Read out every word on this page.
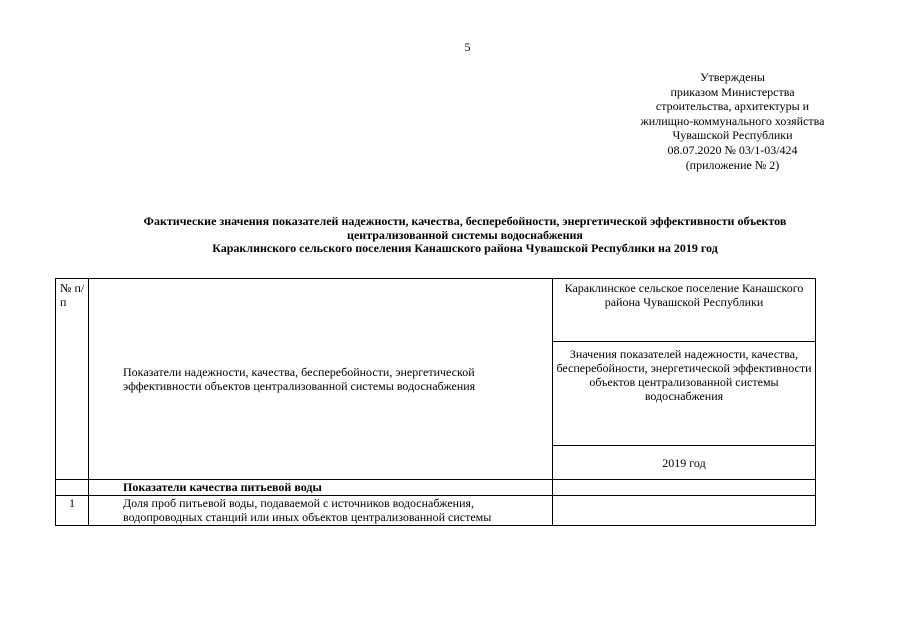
5
Утверждены
приказом Министерства
строительства, архитектуры и
жилищно-коммунального хозяйства
Чувашской Республики
08.07.2020 № 03/1-03/424
(приложение № 2)
Фактические значения показателей надежности, качества, бесперебойности, энергетической эффективности объектов
централизованной системы водоснабжения
Караклинского сельского поселения Канашского района Чувашской Республики на 2019 год
№ п/п	Показатели надежности, качества, бесперебойности, энергетической эффективности объектов централизованной системы водоснабжения	Караклинское сельское поселение Канашского района Чувашской Республики
		Значения показателей надежности, качества, бесперебойности, энергетической эффективности объектов централизованной системы водоснабжения
		2019 год
	Показатели качества питьевой воды	
1	Доля проб питьевой воды, подаваемой с источников водоснабжения, водопроводных станций или иных объектов централизованной системы	
